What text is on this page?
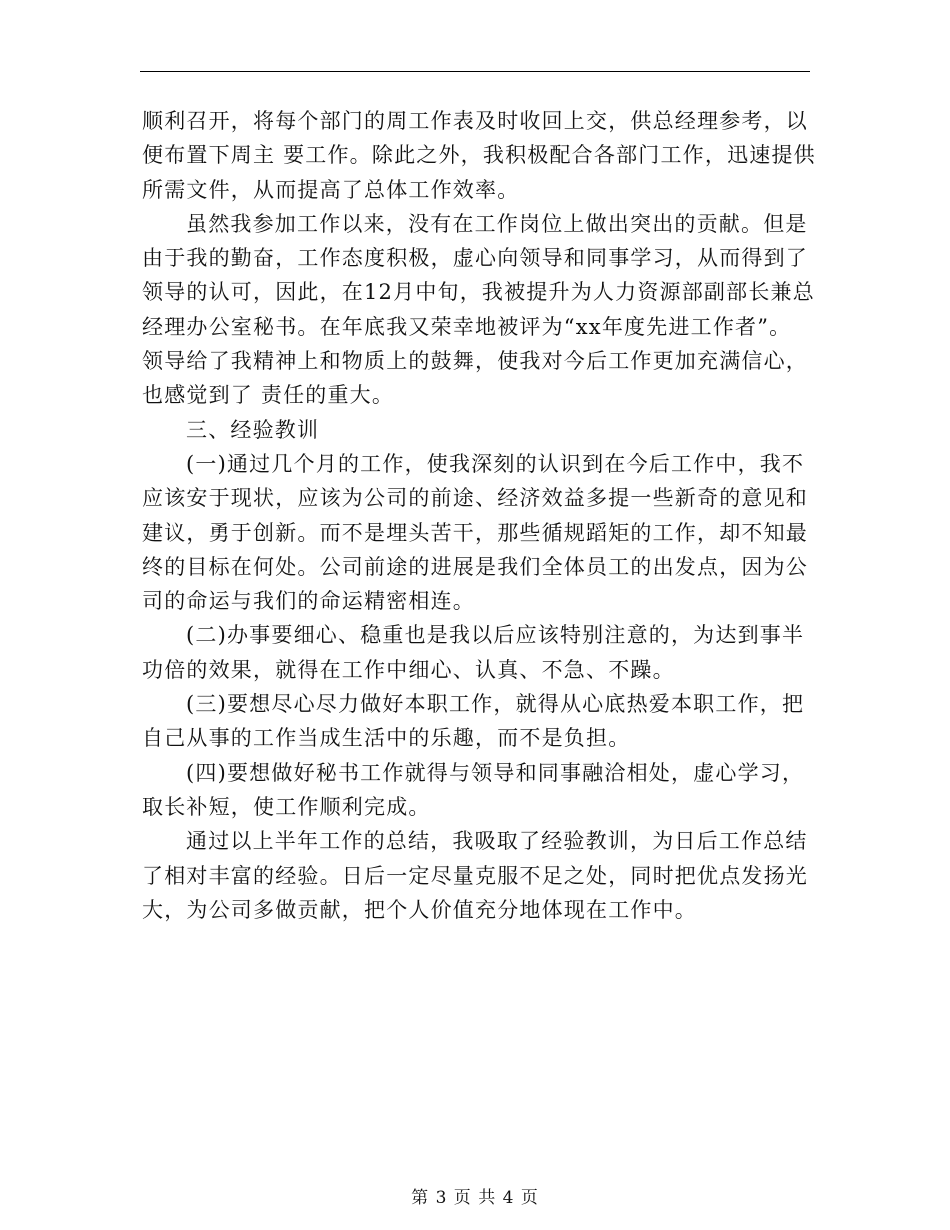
顺利召开，将每个部门的周工作表及时收回上交，供总经理参考，以
便布置下周主 要工作。除此之外，我积极配合各部门工作，迅速提供
所需文件，从而提高了总体工作效率。
虽然我参加工作以来，没有在工作岗位上做出突出的贡献。但是
由于我的勤奋，工作态度积极，虚心向领导和同事学习，从而得到了
领导的认可，因此，在12月中旬，我被提升为人力资源部副部长兼总
经理办公室秘书。在年底我又荣幸地被评为“xx年度先进工作者”。
领导给了我精神上和物质上的鼓舞，使我对今后工作更加充满信心，
也感觉到了 责任的重大。
三、经验教训
(一)通过几个月的工作，使我深刻的认识到在今后工作中，我不
应该安于现状，应该为公司的前途、经济效益多提一些新奇的意见和
建议，勇于创新。而不是埋头苦干，那些循规蹈矩的工作，却不知最
终的目标在何处。公司前途的进展是我们全体员工的出发点，因为公
司的命运与我们的命运精密相连。
(二)办事要细心、稳重也是我以后应该特别注意的，为达到事半
功倍的效果，就得在工作中细心、认真、不急、不躁。
(三)要想尽心尽力做好本职工作，就得从心底热爱本职工作，把
自己从事的工作当成生活中的乐趣，而不是负担。
(四)要想做好秘书工作就得与领导和同事融洽相处，虚心学习，
取长补短，使工作顺利完成。
通过以上半年工作的总结，我吸取了经验教训，为日后工作总结
了相对丰富的经验。日后一定尽量克服不足之处，同时把优点发扬光
大，为公司多做贡献，把个人价值充分地体现在工作中。
第 3 页 共 4 页
